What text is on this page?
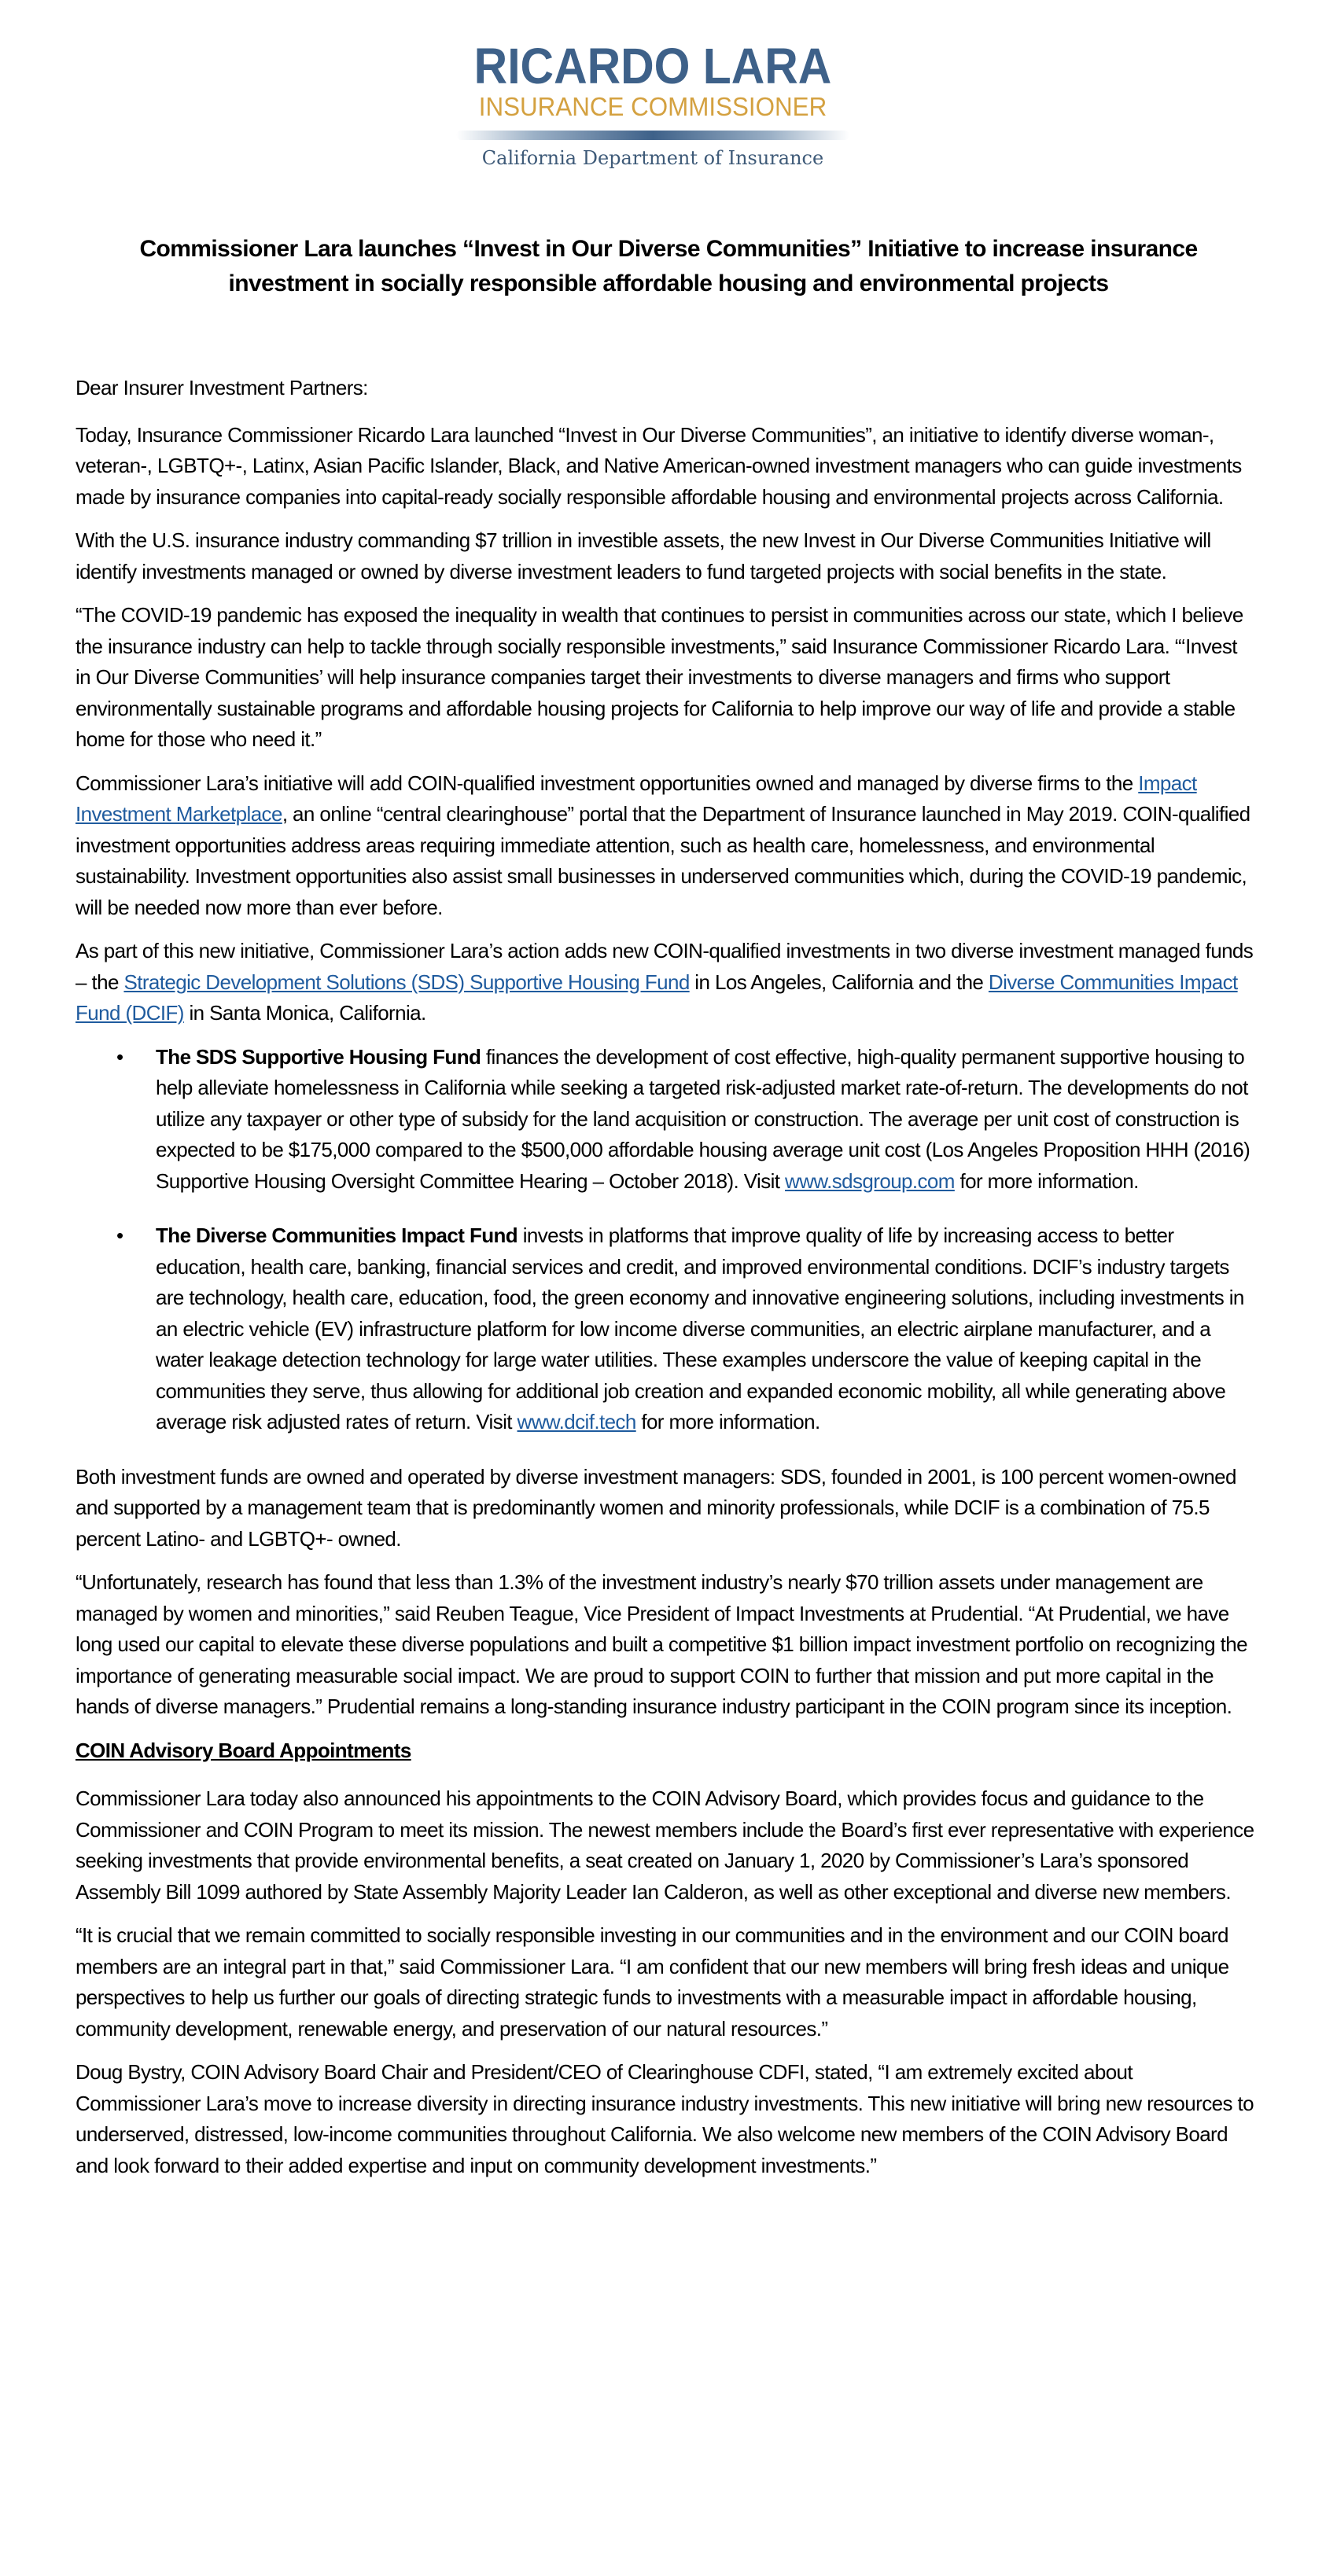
RICARDO LARA
INSURANCE COMMISSIONER
California Department of Insurance
Commissioner Lara launches “Invest in Our Diverse Communities” Initiative to increase insurance investment in socially responsible affordable housing and environmental projects

Dear Insurer Investment Partners:

Today, Insurance Commissioner Ricardo Lara launched “Invest in Our Diverse Communities”, an initiative to identify diverse woman-, veteran-, LGBTQ+-, Latinx, Asian Pacific Islander, Black, and Native American-owned investment managers who can guide investments made by insurance companies into capital-ready socially responsible affordable housing and environmental projects across California.

With the U.S. insurance industry commanding $7 trillion in investible assets, the new Invest in Our Diverse Communities Initiative will identify investments managed or owned by diverse investment leaders to fund targeted projects with social benefits in the state.

“The COVID-19 pandemic has exposed the inequality in wealth that continues to persist in communities across our state, which I believe the insurance industry can help to tackle through socially responsible investments,” said Insurance Commissioner Ricardo Lara. “‘Invest in Our Diverse Communities’ will help insurance companies target their investments to diverse managers and firms who support environmentally sustainable programs and affordable housing projects for California to help improve our way of life and provide a stable home for those who need it.”

Commissioner Lara’s initiative will add COIN-qualified investment opportunities owned and managed by diverse firms to the Impact Investment Marketplace, an online “central clearinghouse” portal that the Department of Insurance launched in May 2019. COIN-qualified investment opportunities address areas requiring immediate attention, such as health care, homelessness, and environmental sustainability. Investment opportunities also assist small businesses in underserved communities which, during the COVID-19 pandemic, will be needed now more than ever before.

As part of this new initiative, Commissioner Lara’s action adds new COIN-qualified investments in two diverse investment managed funds – the Strategic Development Solutions (SDS) Supportive Housing Fund in Los Angeles, California and the Diverse Communities Impact Fund (DCIF) in Santa Monica, California.

• The SDS Supportive Housing Fund finances the development of cost effective, high-quality permanent supportive housing to help alleviate homelessness in California while seeking a targeted risk-adjusted market rate-of-return. The developments do not utilize any taxpayer or other type of subsidy for the land acquisition or construction. The average per unit cost of construction is expected to be $175,000 compared to the $500,000 affordable housing average unit cost (Los Angeles Proposition HHH (2016) Supportive Housing Oversight Committee Hearing – October 2018). Visit www.sdsgroup.com for more information.
• The Diverse Communities Impact Fund invests in platforms that improve quality of life by increasing access to better education, health care, banking, financial services and credit, and improved environmental conditions. DCIF’s industry targets are technology, health care, education, food, the green economy and innovative engineering solutions, including investments in an electric vehicle (EV) infrastructure platform for low income diverse communities, an electric airplane manufacturer, and a water leakage detection technology for large water utilities. These examples underscore the value of keeping capital in the communities they serve, thus allowing for additional job creation and expanded economic mobility, all while generating above average risk adjusted rates of return. Visit www.dcif.tech for more information.

Both investment funds are owned and operated by diverse investment managers: SDS, founded in 2001, is 100 percent women-owned and supported by a management team that is predominantly women and minority professionals, while DCIF is a combination of 75.5 percent Latino- and LGBTQ+- owned.

“Unfortunately, research has found that less than 1.3% of the investment industry’s nearly $70 trillion assets under management are managed by women and minorities,” said Reuben Teague, Vice President of Impact Investments at Prudential. “At Prudential, we have long used our capital to elevate these diverse populations and built a competitive $1 billion impact investment portfolio on recognizing the importance of generating measurable social impact. We are proud to support COIN to further that mission and put more capital in the hands of diverse managers.” Prudential remains a long-standing insurance industry participant in the COIN program since its inception.

COIN Advisory Board Appointments

Commissioner Lara today also announced his appointments to the COIN Advisory Board, which provides focus and guidance to the Commissioner and COIN Program to meet its mission. The newest members include the Board’s first ever representative with experience seeking investments that provide environmental benefits, a seat created on January 1, 2020 by Commissioner’s Lara’s sponsored Assembly Bill 1099 authored by State Assembly Majority Leader Ian Calderon, as well as other exceptional and diverse new members.

“It is crucial that we remain committed to socially responsible investing in our communities and in the environment and our COIN board members are an integral part in that,” said Commissioner Lara. “I am confident that our new members will bring fresh ideas and unique perspectives to help us further our goals of directing strategic funds to investments with a measurable impact in affordable housing, community development, renewable energy, and preservation of our natural resources.”

Doug Bystry, COIN Advisory Board Chair and President/CEO of Clearinghouse CDFI, stated, “I am extremely excited about Commissioner Lara’s move to increase diversity in directing insurance industry investments. This new initiative will bring new resources to underserved, distressed, low-income communities throughout California. We also welcome new members of the COIN Advisory Board and look forward to their added expertise and input on community development investments.”
